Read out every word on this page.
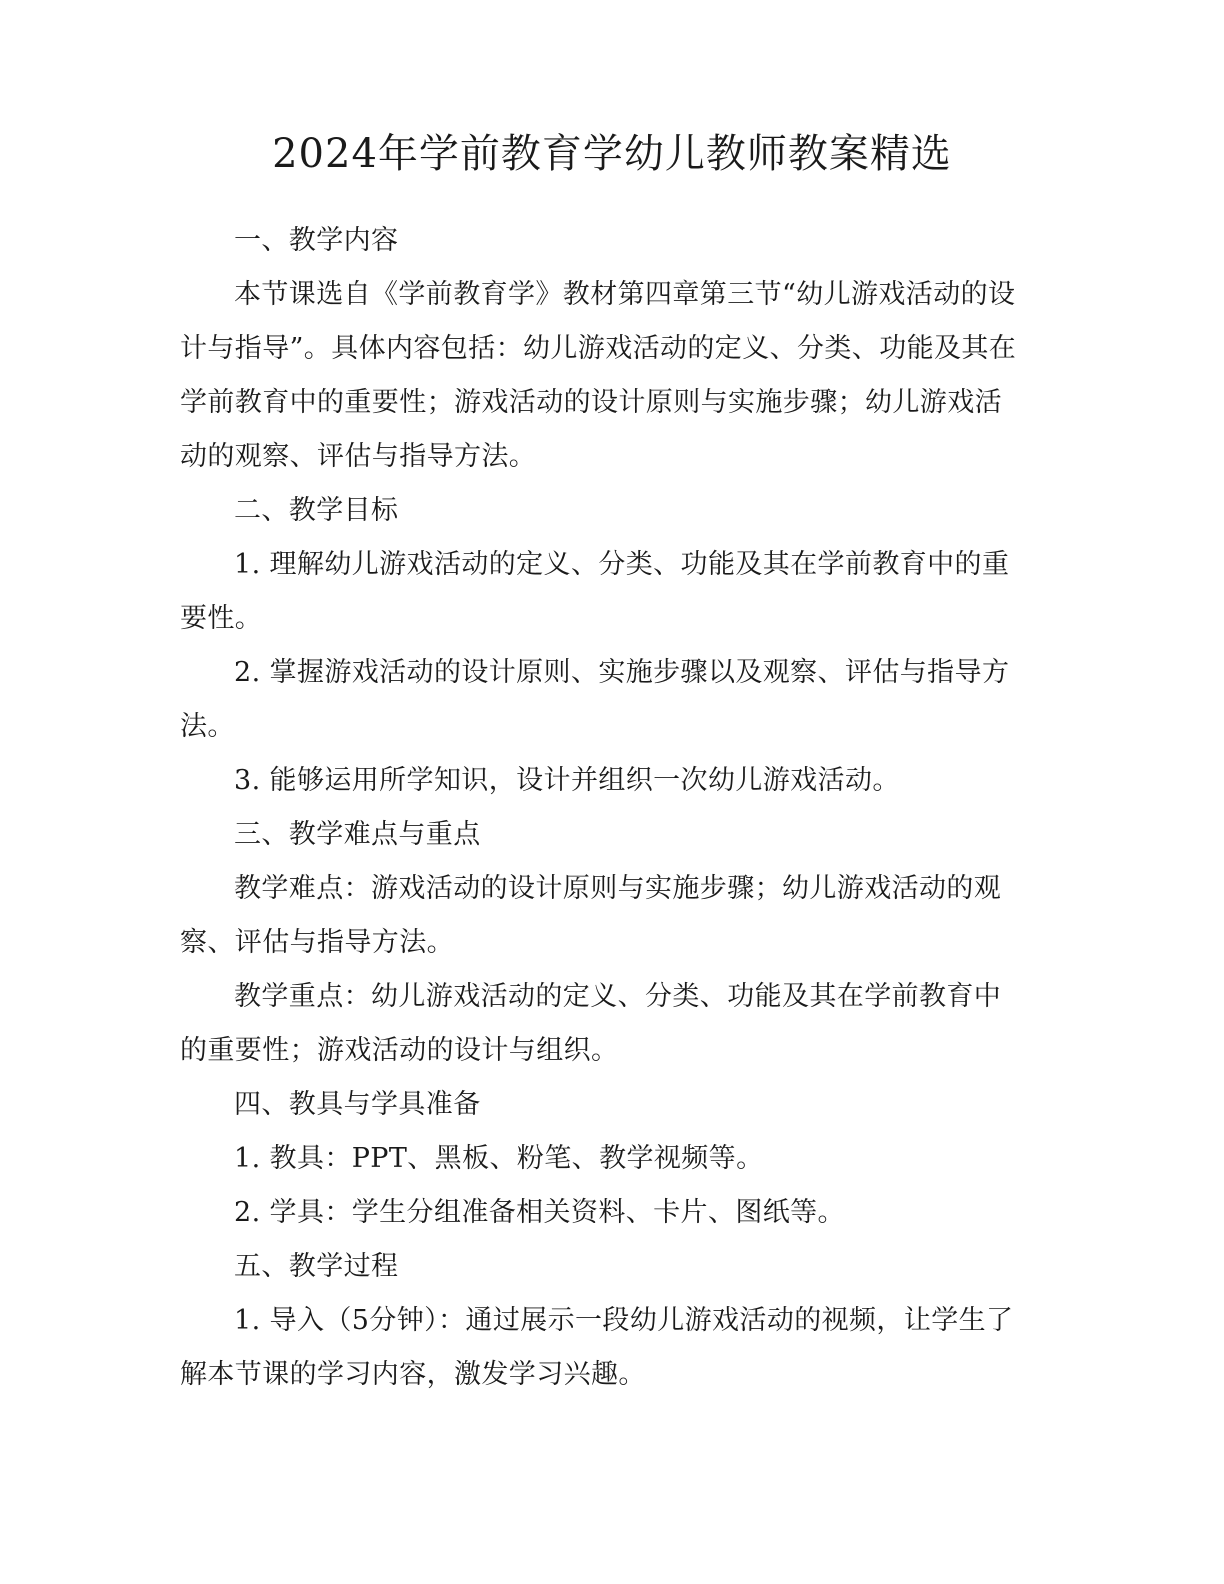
2024年学前教育学幼儿教师教案精选

一、教学内容

本节课选自《学前教育学》教材第四章第三节“幼儿游戏活动的设计与指导”。具体内容包括：幼儿游戏活动的定义、分类、功能及其在学前教育中的重要性；游戏活动的设计原则与实施步骤；幼儿游戏活动的观察、评估与指导方法。

二、教学目标

1. 理解幼儿游戏活动的定义、分类、功能及其在学前教育中的重要性。

2. 掌握游戏活动的设计原则、实施步骤以及观察、评估与指导方法。

3. 能够运用所学知识，设计并组织一次幼儿游戏活动。

三、教学难点与重点

教学难点：游戏活动的设计原则与实施步骤；幼儿游戏活动的观察、评估与指导方法。

教学重点：幼儿游戏活动的定义、分类、功能及其在学前教育中的重要性；游戏活动的设计与组织。

四、教具与学具准备

1. 教具：PPT、黑板、粉笔、教学视频等。

2. 学具：学生分组准备相关资料、卡片、图纸等。

五、教学过程

1. 导入（5分钟）：通过展示一段幼儿游戏活动的视频，让学生了解本节课的学习内容，激发学习兴趣。
